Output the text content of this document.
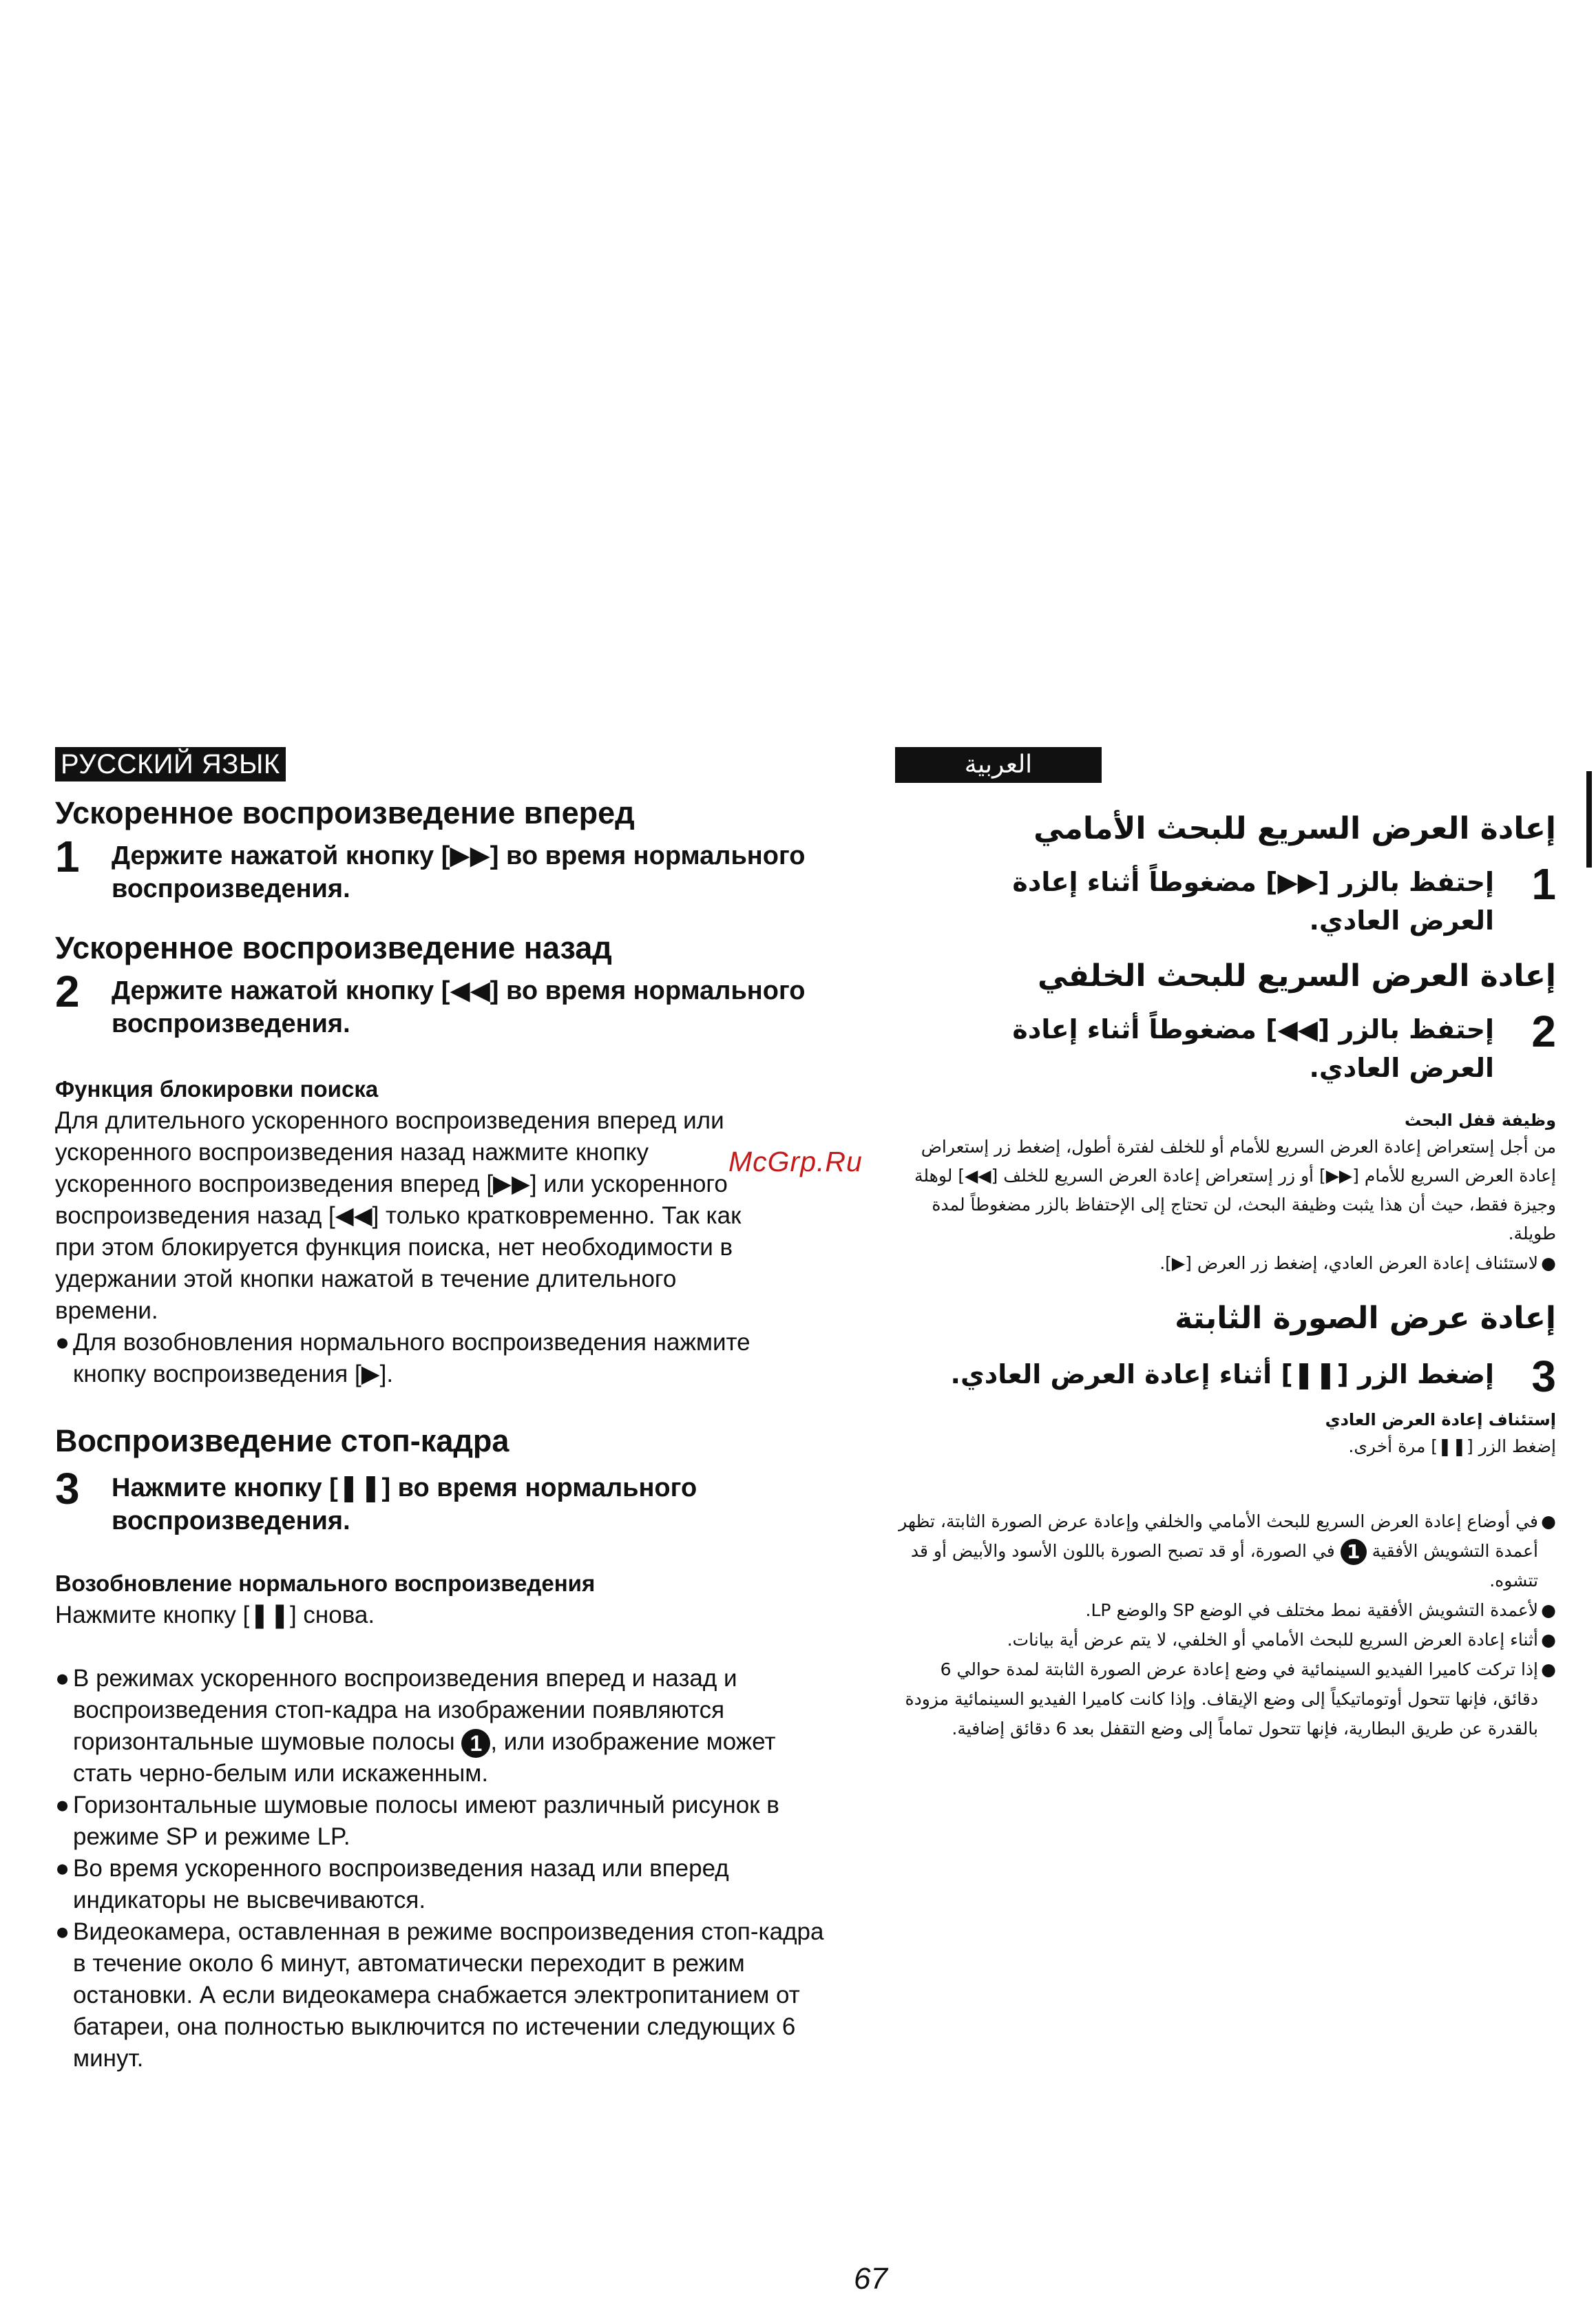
РУССКИЙ ЯЗЫК
Ускоренное воспроизведение вперед
1	Держите нажатой кнопку [▶▶] во время нормального воспроизведения.
Ускоренное воспроизведение назад
2	Держите нажатой кнопку [◀◀] во время нормального воспроизведения.
Функция блокировки поиска
Для длительного ускоренного воспроизведения вперед или ускоренного воспроизведения назад нажмите кнопку ускоренного воспроизведения вперед [▶▶] или ускоренного воспроизведения назад [◀◀] только кратковременно. Так как при этом блокируется функция поиска, нет необходимости в удержании этой кнопки нажатой в течение длительного времени.
● Для возобновления нормального воспроизведения нажмите кнопку воспроизведения [▶].
Воспроизведение стоп-кадра
3	Нажмите кнопку [❚❚] во время нормального воспроизведения.
Возобновление нормального воспроизведения
Нажмите кнопку [❚❚] снова.
● В режимах ускоренного воспроизведения вперед и назад и воспроизведения стоп-кадра на изображении появляются горизонтальные шумовые полосы 1 , или изображение может стать черно-белым или искаженным.
● Горизонтальные шумовые полосы имеют различный рисунок в режиме SP и режиме LP.
● Во время ускоренного воспроизведения назад или вперед индикаторы не высвечиваются.
● Видеокамера, оставленная в режиме воспроизведения стоп-кадра в течение около 6 минут, автоматически переходит в режим остановки. А если видеокамера снабжается электропитанием от батареи, она полностью выключится по истечении следующих 6 минут.
العربية
إعادة العرض السريع للبحث الأمامي
1
إحتفظ بالزر [▶▶] مضغوطاً أثناء إعادة العرض العادي.
إعادة العرض السريع للبحث الخلفي
2
إحتفظ بالزر [◀◀] مضغوطاً أثناء إعادة العرض العادي.
وظيفة قفل البحث
من أجل إستعراض إعادة العرض السريع للأمام أو للخلف لفترة أطول، إضغط زر إستعراض إعادة العرض السريع للأمام [▶▶] أو زر إستعراض إعادة العرض السريع للخلف [◀◀] لوهلة وجيزة فقط، حيث أن هذا يثبت وظيفة البحث، لن تحتاج إلى الإحتفاظ بالزر مضغوطاً لمدة طويلة.
●
لاستئناف إعادة العرض العادي، إضغط زر العرض [▶].
إعادة عرض الصورة الثابتة
3
إضغط الزر [❚❚] أثناء إعادة العرض العادي.
إستئناف إعادة العرض العادي
إضغط الزر [❚❚] مرة أخرى.
●
في أوضاع إعادة العرض السريع للبحث الأمامي والخلفي وإعادة عرض الصورة الثابتة، تظهر أعمدة التشويش الأفقية 1 في الصورة، أو قد تصبح الصورة باللون الأسود والأبيض أو قد تتشوه.
●
لأعمدة التشويش الأفقية نمط مختلف في الوضع SP والوضع LP.
●
أثناء إعادة العرض السريع للبحث الأمامي أو الخلفي، لا يتم عرض أية بيانات.
●
إذا تركت كاميرا الفيديو السينمائية في وضع إعادة عرض الصورة الثابتة لمدة حوالي 6 دقائق، فإنها تتحول أوتوماتيكياً إلى وضع الإيقاف. وإذا كانت كاميرا الفيديو السينمائية مزودة بالقدرة عن طريق البطارية، فإنها تتحول تماماً إلى وضع التقفل بعد 6 دقائق إضافية.
McGrp.Ru
67
